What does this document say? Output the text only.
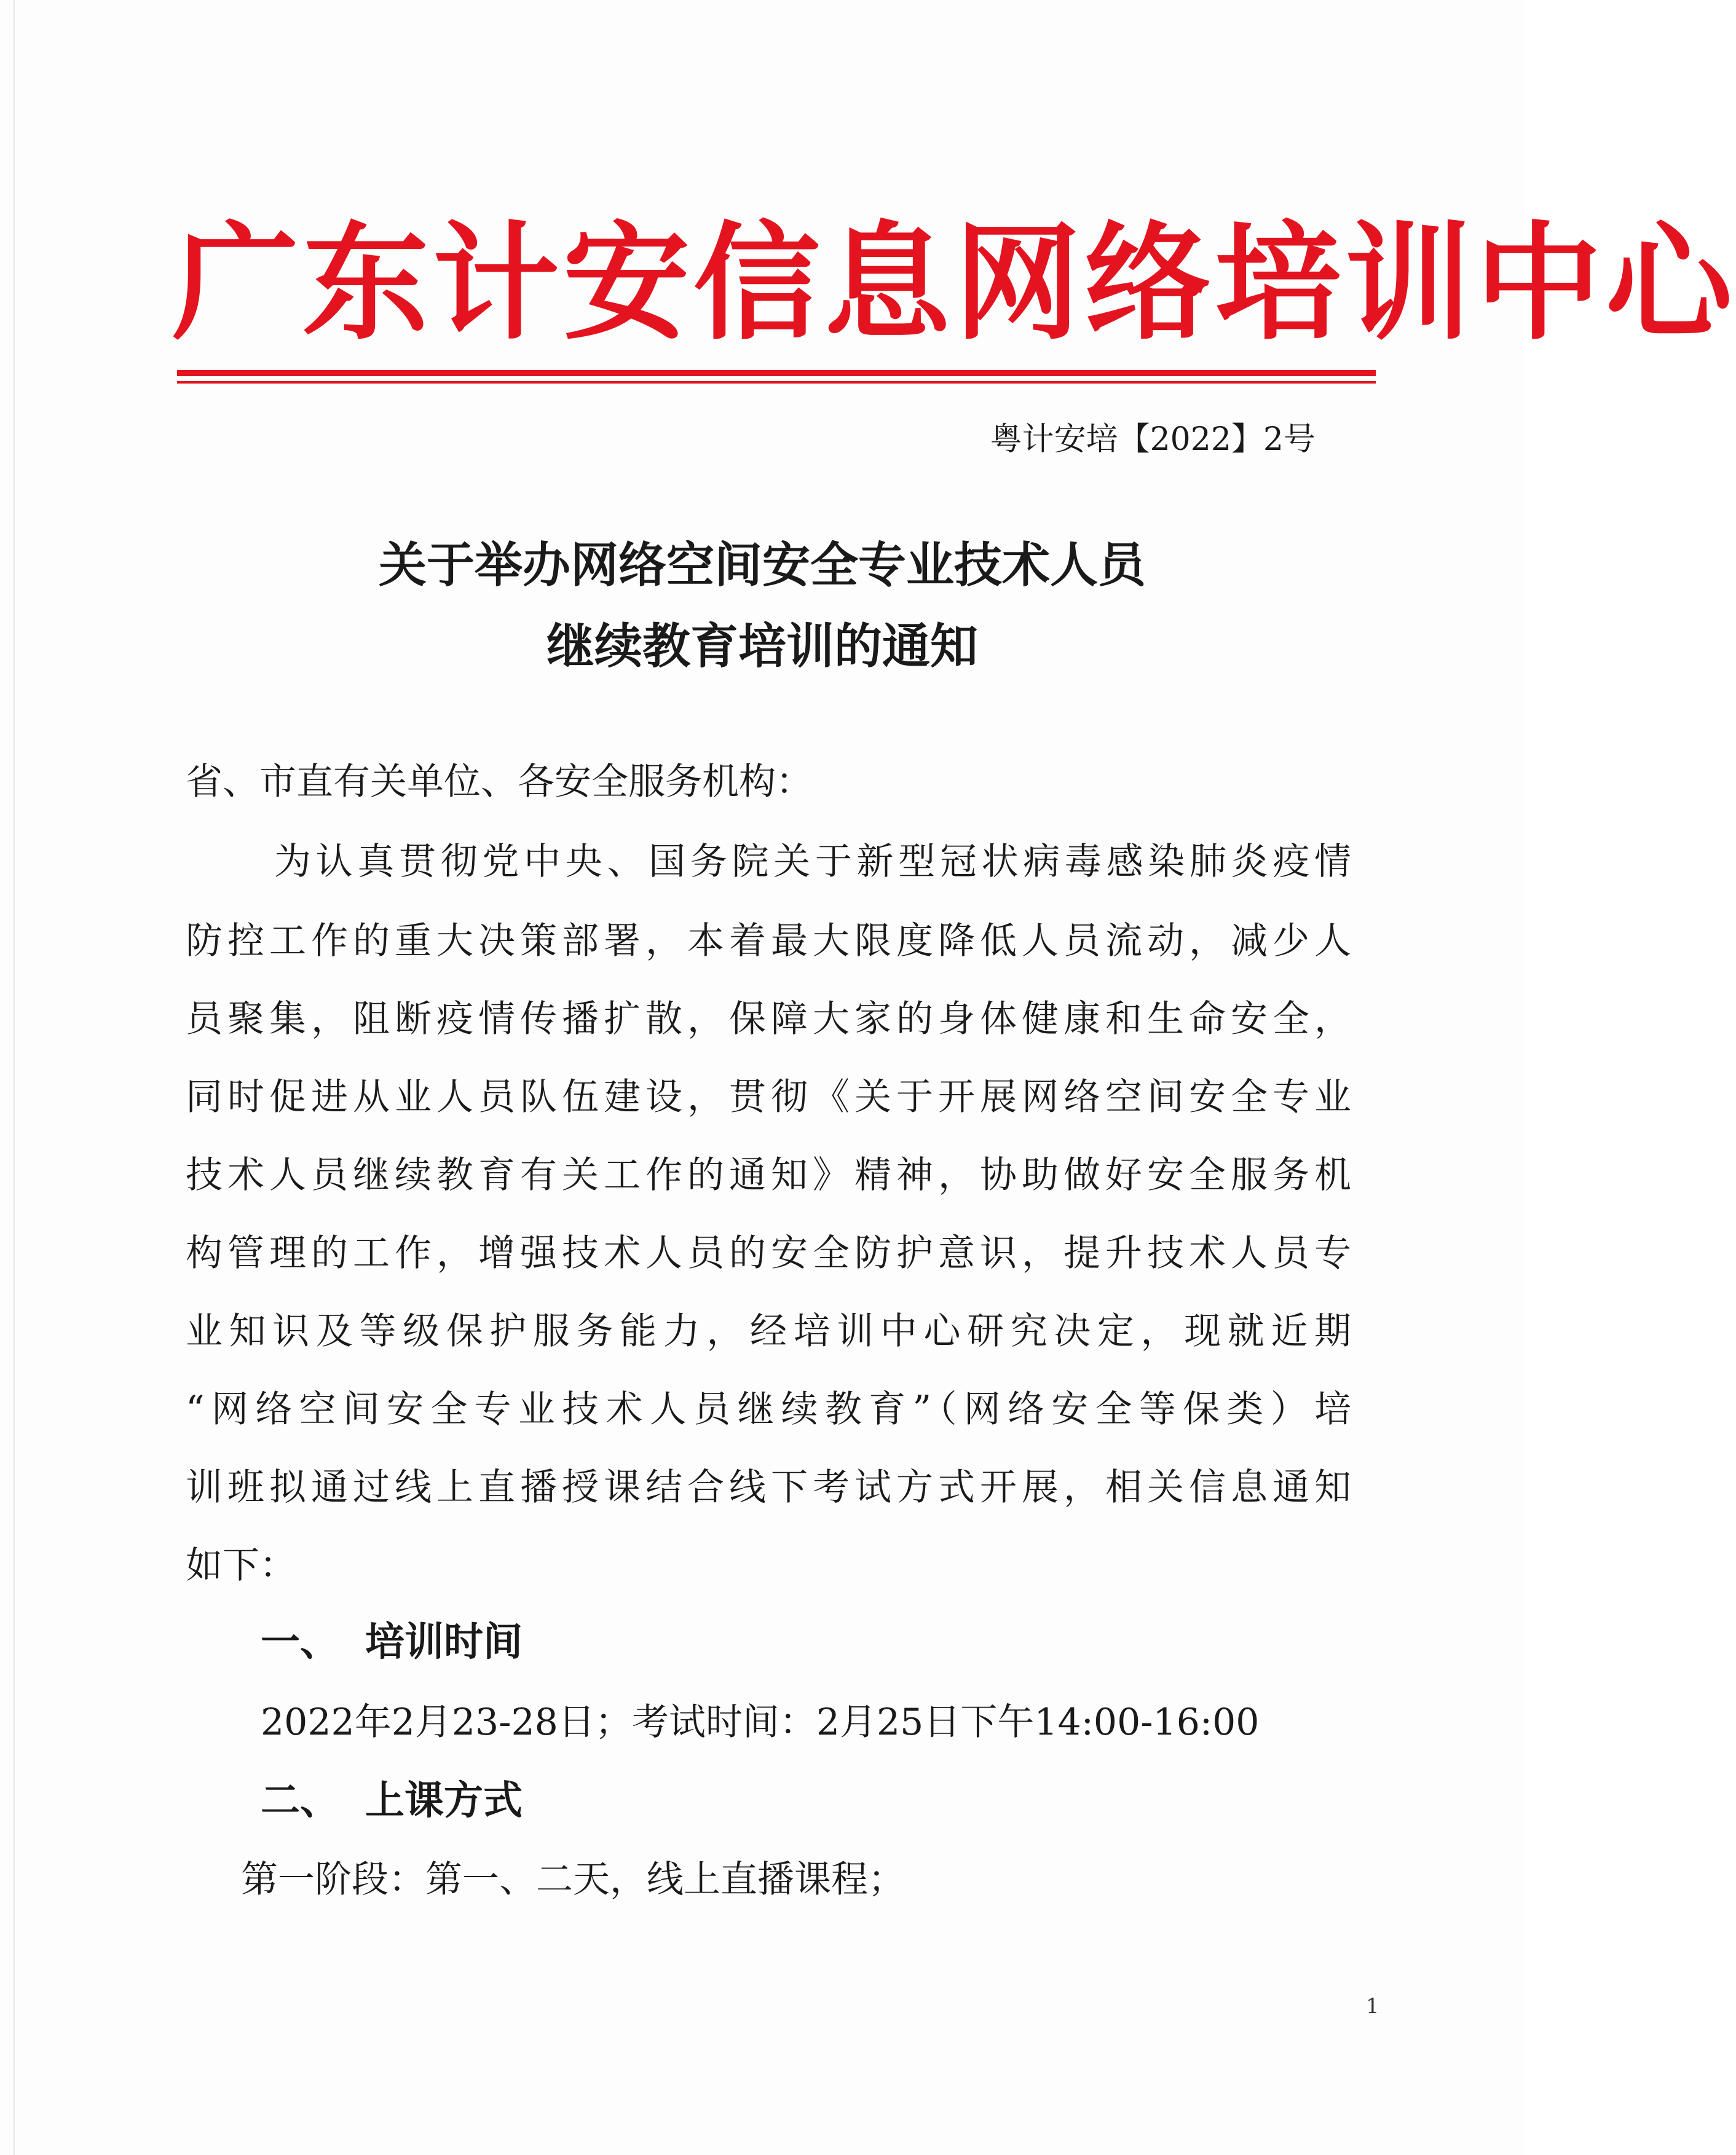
广东计安信息网络培训中心
粤计安培【2022】2号
关于举办网络空间安全专业技术人员
继续教育培训的通知
省、市直有关单位、各安全服务机构：
为认真贯彻党中央、国务院关于新型冠状病毒感染肺炎疫情
防控工作的重大决策部署，本着最大限度降低人员流动，减少人
员聚集，阻断疫情传播扩散，保障大家的身体健康和生命安全，
同时促进从业人员队伍建设，贯彻《关于开展网络空间安全专业
技术人员继续教育有关工作的通知》精神，协助做好安全服务机
构管理的工作，增强技术人员的安全防护意识，提升技术人员专
业知识及等级保护服务能力，经培训中心研究决定，现就近期
“网络空间安全专业技术人员继续教育”（网络安全等保类）培
训班拟通过线上直播授课结合线下考试方式开展，相关信息通知
如下：
一、 培训时间
2022年2月23-28日；考试时间：2月25日下午14:00-16:00
二、 上课方式
第一阶段：第一、二天，线上直播课程；
1
